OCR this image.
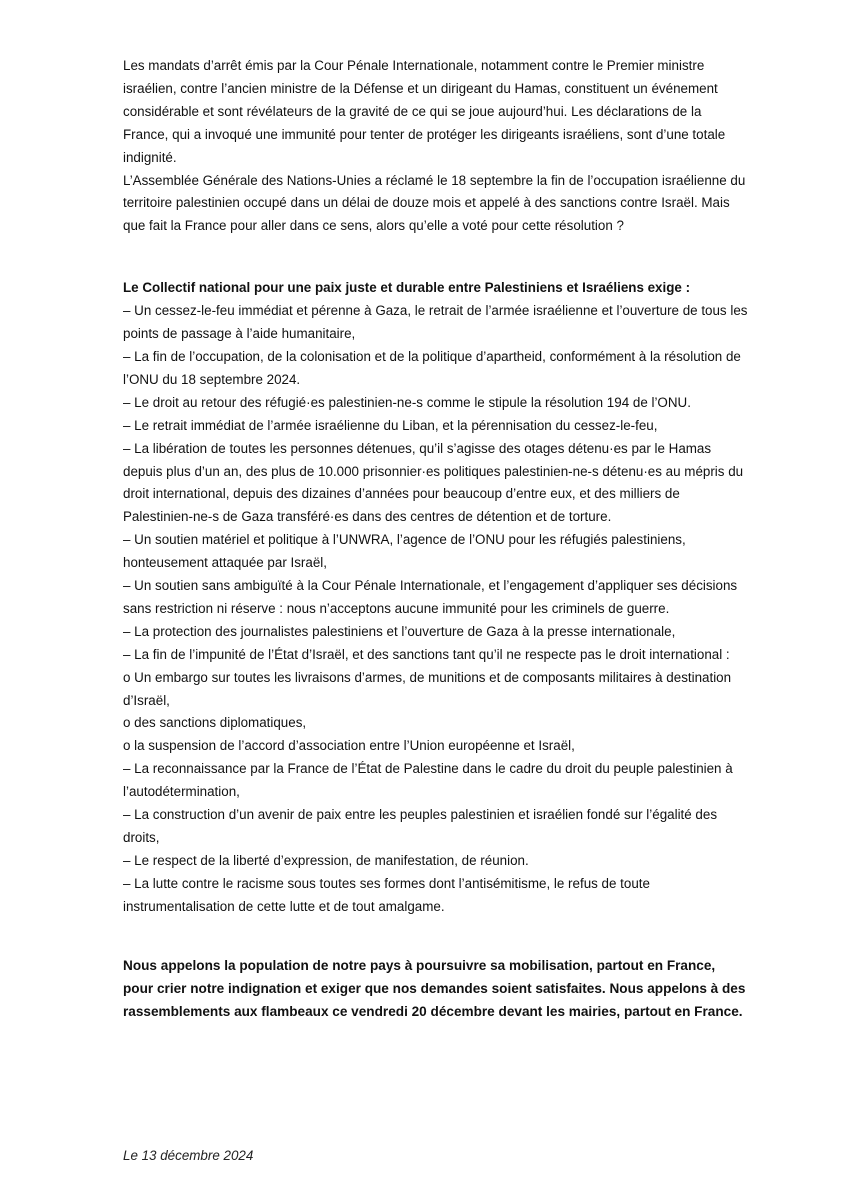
Les mandats d’arrêt émis par la Cour Pénale Internationale, notamment contre le Premier ministre israélien, contre l’ancien ministre de la Défense et un dirigeant du Hamas, constituent un événement considérable et sont révélateurs de la gravité de ce qui se joue aujourd’hui. Les déclarations de la France, qui a invoqué une immunité pour tenter de protéger les dirigeants israéliens, sont d’une totale indignité.

L’Assemblée Générale des Nations-Unies a réclamé le 18 septembre la fin de l’occupation israélienne du territoire palestinien occupé dans un délai de douze mois et appelé à des sanctions contre Israël. Mais que fait la France pour aller dans ce sens, alors qu’elle a voté pour cette résolution ?

Le Collectif national pour une paix juste et durable entre Palestiniens et Israéliens exige :

– Un cessez-le-feu immédiat et pérenne à Gaza, le retrait de l’armée israélienne et l’ouverture de tous les points de passage à l’aide humanitaire,
– La fin de l’occupation, de la colonisation et de la politique d’apartheid, conformément à la résolution de l’ONU du 18 septembre 2024.
– Le droit au retour des réfugié·es palestinien-ne-s comme le stipule la résolution 194 de l’ONU.
– Le retrait immédiat de l’armée israélienne du Liban, et la pérennisation du cessez-le-feu,
– La libération de toutes les personnes détenues, qu’il s’agisse des otages détenu·es par le Hamas depuis plus d’un an, des plus de 10.000 prisonnier·es politiques palestinien-ne-s détenu·es au mépris du droit international, depuis des dizaines d’années pour beaucoup d’entre eux, et des milliers de Palestinien-ne-s de Gaza transféré·es dans des centres de détention et de torture.
– Un soutien matériel et politique à l’UNWRA, l’agence de l’ONU pour les réfugiés palestiniens, honteusement attaquée par Israël,
– Un soutien sans ambiguïté à la Cour Pénale Internationale, et l’engagement d’appliquer ses décisions sans restriction ni réserve : nous n’acceptons aucune immunité pour les criminels de guerre.
– La protection des journalistes palestiniens et l’ouverture de Gaza à la presse internationale,
– La fin de l’impunité de l’État d’Israël, et des sanctions tant qu’il ne respecte pas le droit international :
o Un embargo sur toutes les livraisons d’armes, de munitions et de composants militaires à destination d’Israël,
o des sanctions diplomatiques,
o la suspension de l’accord d’association entre l’Union européenne et Israël,
– La reconnaissance par la France de l’État de Palestine dans le cadre du droit du peuple palestinien à l’autodétermination,
– La construction d’un avenir de paix entre les peuples palestinien et israélien fondé sur l’égalité des droits,
– Le respect de la liberté d’expression, de manifestation, de réunion.
– La lutte contre le racisme sous toutes ses formes dont l’antisémitisme, le refus de toute instrumentalisation de cette lutte et de tout amalgame.

Nous appelons la population de notre pays à poursuivre sa mobilisation, partout en France, pour crier notre indignation et exiger que nos demandes soient satisfaites. Nous appelons à des rassemblements aux flambeaux ce vendredi 20 décembre devant les mairies, partout en France.

Le 13 décembre 2024
